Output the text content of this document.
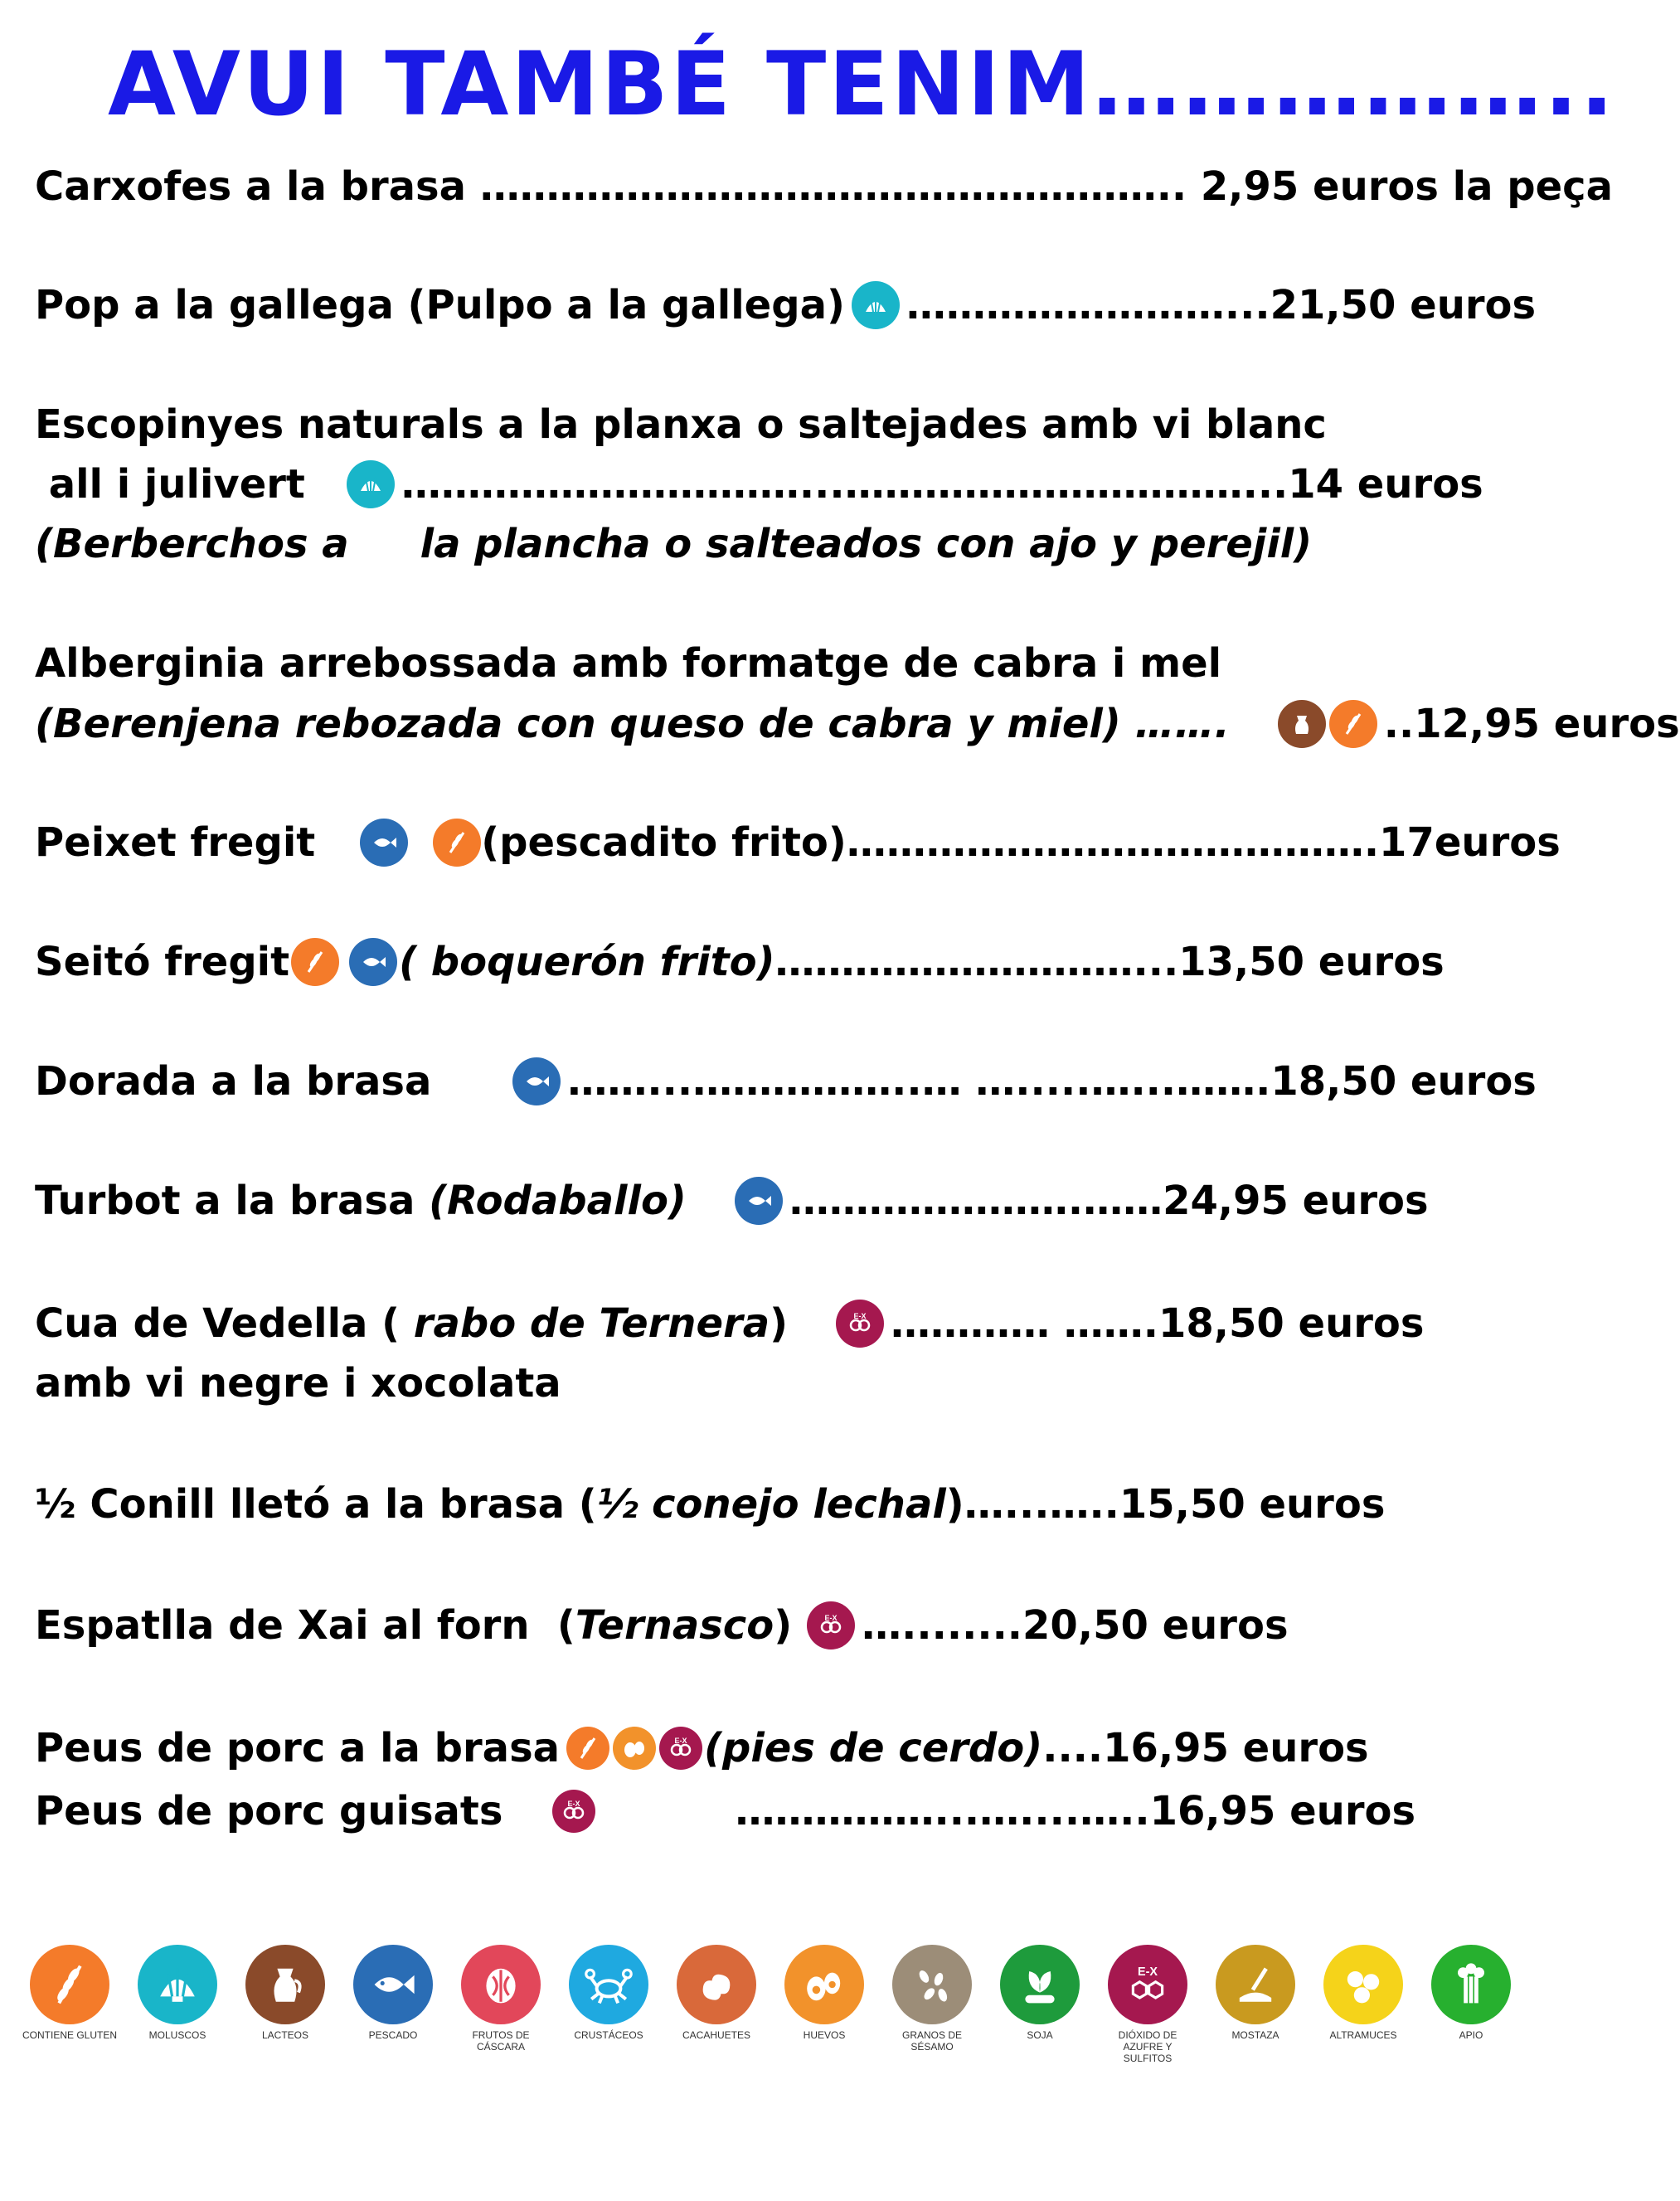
AVUI TAMBÉ TENIM……………..
Carxofes a la brasa …………………………………………….. 2,95 euros la peça
Pop a la gallega (Pulpo a la gallega) ……………………...21,50 euros
Escopinyes naturals a la planxa o saltejades amb vi blanc
all i julivert …………………………...…………………………...14 euros
(Berberchos a la plancha o salteados con ajo y perejil)
Alberginia arrebossada amb formatge de cabra i mel
(Berenjena rebozada con queso de cabra y miel) …….	..12,95 euros
Peixet fregit	(pescadito frito)………………………………….17euros
Seitó fregit	( boquerón frito) ………………………...13,50 euros
Dorada a la brasa	……...……………..… ….....…...…….18,50 euros
Turbot a la brasa (Rodaballo)	………………….……24,95 euros
Cua de Vedella ( rabo de Ternera )	E-X ………… …….18,50 euros
amb vi negre i xocolata
½ Conill lletó a la brasa ( ½ conejo lechal )…...…..15,50 euros
Espatlla de Xai al forn  ( Ternasco )	E-X …........20,50 euros
Peus de porc a la brasa	E-X (pies de cerdo) ....16,95 euros
Peus de porc guisats	E-X	……………...…....…..16,95 euros
CONTIENE GLUTEN	MOLUSCOS	LACTEOS	PESCADO	FRUTOS DE CÁSCARA
CRUSTÁCEOS	CACAHUETES	HUEVOS	GRANOS DE SÉSAMO
SOJA
E-X
DIÓXIDO DE AZUFRE Y SULFITOS
MOSTAZA	ALTRAMUCES	APIO
